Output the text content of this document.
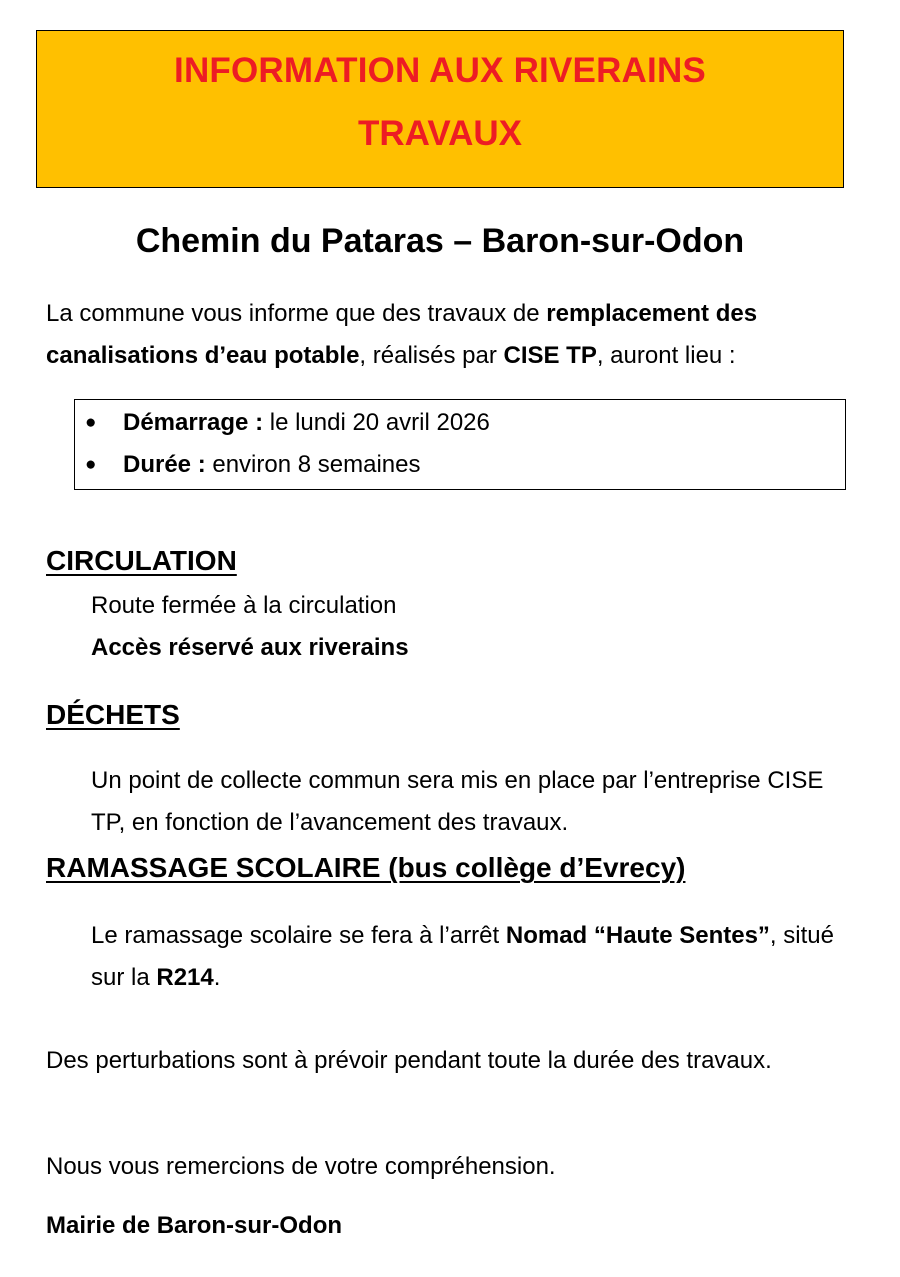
INFORMATION AUX RIVERAINS
TRAVAUX
Chemin du Pataras – Baron-sur-Odon
La commune vous informe que des travaux de remplacement des canalisations d’eau potable, réalisés par CISE TP, auront lieu :
● Démarrage : le lundi 20 avril 2026
● Durée : environ 8 semaines
CIRCULATION
Route fermée à la circulation
Accès réservé aux riverains
DÉCHETS
Un point de collecte commun sera mis en place par l’entreprise CISE TP, en fonction de l’avancement des travaux.
RAMASSAGE SCOLAIRE (bus collège d’Evrecy)
Le ramassage scolaire se fera à l’arrêt Nomad “Haute Sentes”, situé sur la R214.
Des perturbations sont à prévoir pendant toute la durée des travaux.
Nous vous remercions de votre compréhension.
Mairie de Baron-sur-Odon
